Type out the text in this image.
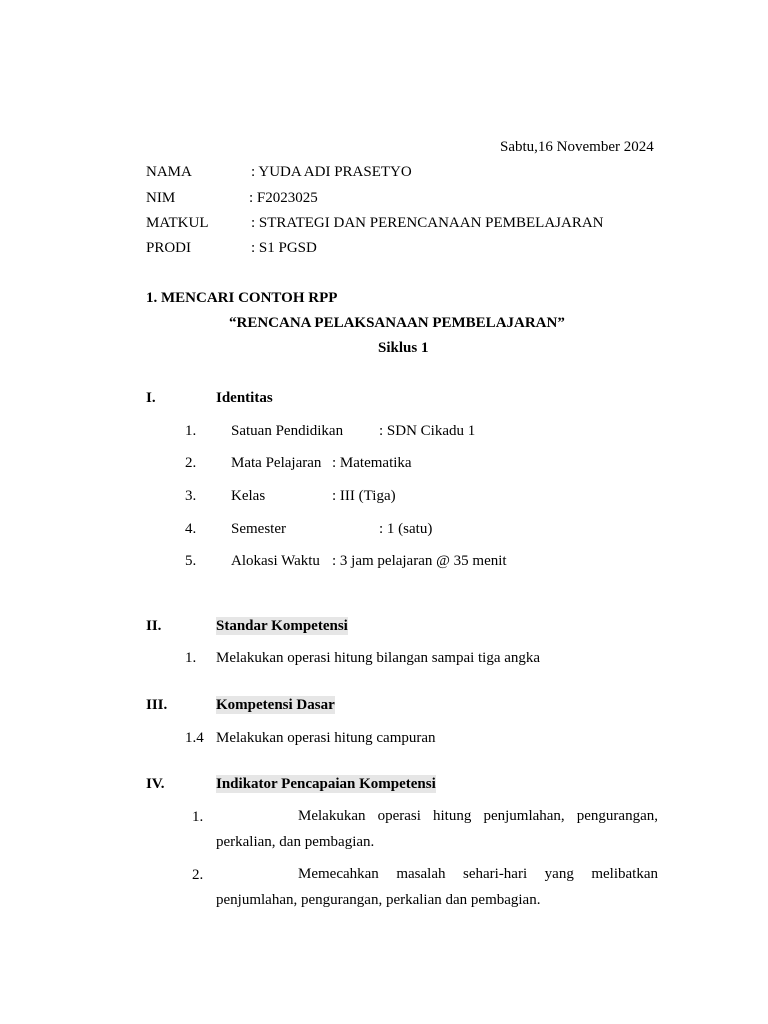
Sabtu,16 November 2024
NAMA	: YUDA ADI PRASETYO
NIM	: F2023025
MATKUL	: STRATEGI DAN PERENCANAAN PEMBELAJARAN
PRODI	: S1 PGSD
1. MENCARI CONTOH RPP
“RENCANA PELAKSANAAN PEMBELAJARAN”
Siklus 1
I.	Identitas
1. Satuan Pendidikan : SDN Cikadu 1
2. Mata Pelajaran : Matematika
3. Kelas	: III (Tiga)
4. Semester	: 1 (satu)
5. Alokasi Waktu : 3 jam pelajaran @ 35 menit
II.	Standar Kompetensi
1. Melakukan operasi hitung bilangan sampai tiga angka
III.	Kompetensi Dasar
1.4 Melakukan operasi hitung campuran
IV.	Indikator Pencapaian Kompetensi
1.	Melakukan operasi hitung penjumlahan, pengurangan, perkalian, dan pembagian.
2.	Memecahkan masalah sehari-hari yang melibatkan penjumlahan, pengurangan, perkalian dan pembagian.
